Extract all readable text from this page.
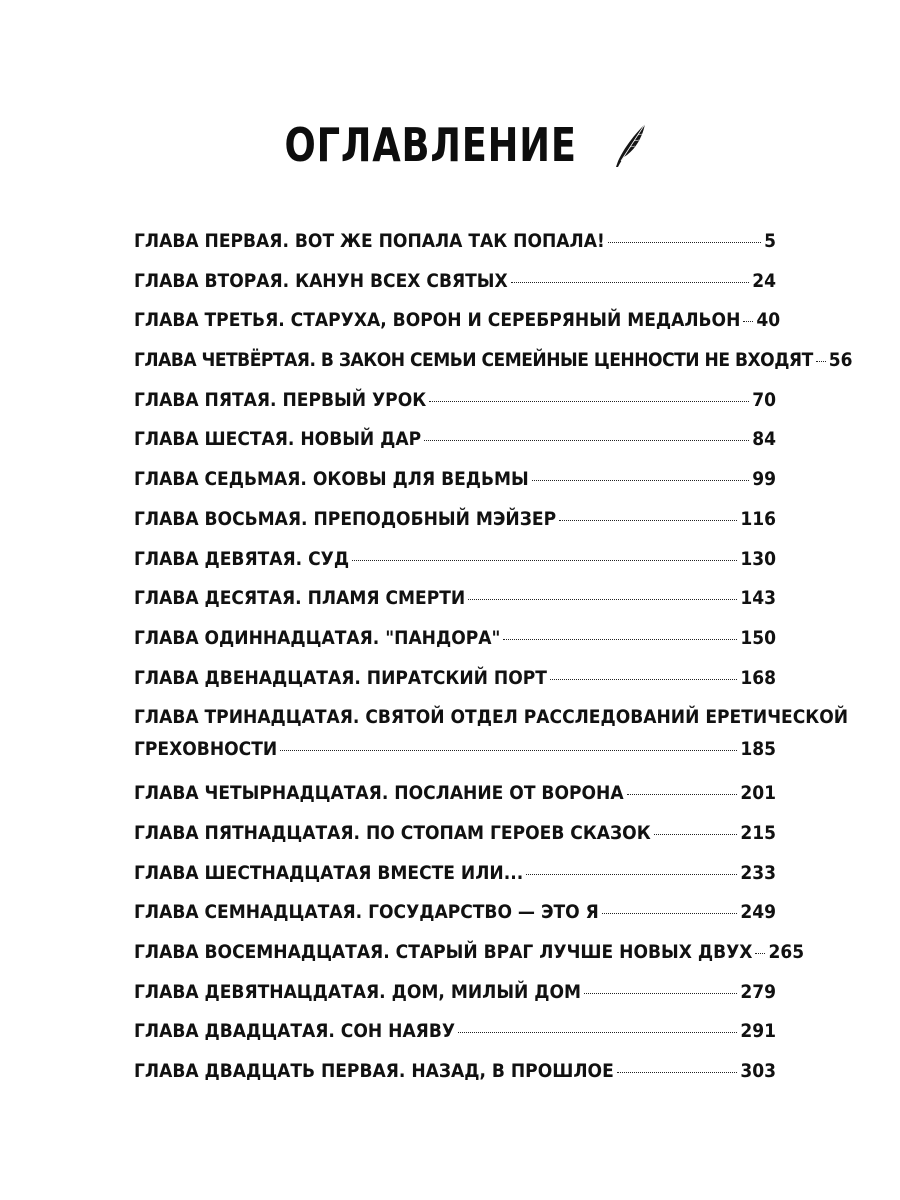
ОГЛАВЛЕНИЕ
ГЛАВА ПЕРВАЯ. ВОТ ЖЕ ПОПАЛА ТАК ПОПАЛА!	5
ГЛАВА ВТОРАЯ. КАНУН ВСЕХ СВЯТЫХ	24
ГЛАВА ТРЕТЬЯ. СТАРУХА, ВОРОН И СЕРЕБРЯНЫЙ МЕДАЛЬОН 40
ГЛАВА ЧЕТВЁРТАЯ. В ЗАКОН СЕМЬИ СЕМЕЙНЫЕ ЦЕННОСТИ НЕ ВХОДЯТ 56
ГЛАВА ПЯТАЯ. ПЕРВЫЙ УРОК	70
ГЛАВА ШЕСТАЯ. НОВЫЙ ДАР	84
ГЛАВА СЕДЬМАЯ. ОКОВЫ ДЛЯ ВЕДЬМЫ	99
ГЛАВА ВОСЬМАЯ. ПРЕПОДОБНЫЙ МЭЙЗЕР	116
ГЛАВА ДЕВЯТАЯ. СУД	130
ГЛАВА ДЕСЯТАЯ. ПЛАМЯ СМЕРТИ	143
ГЛАВА ОДИННАДЦАТАЯ. "ПАНДОРА"	150
ГЛАВА ДВЕНАДЦАТАЯ. ПИРАТСКИЙ ПОРТ	168
ГЛАВА ТРИНАДЦАТАЯ. СВЯТОЙ ОТДЕЛ РАССЛЕДОВАНИЙ ЕРЕТИЧЕСКОЙ
ГРЕХОВНОСТИ	185
ГЛАВА ЧЕТЫРНАДЦАТАЯ. ПОСЛАНИЕ ОТ ВОРОНА	201
ГЛАВА ПЯТНАДЦАТАЯ. ПО СТОПАМ ГЕРОЕВ СКАЗОК	215
ГЛАВА ШЕСТНАДЦАТАЯ ВМЕСТЕ ИЛИ...	233
ГЛАВА СЕМНАДЦАТАЯ. ГОСУДАРСТВО — ЭТО Я	249
ГЛАВА ВОСЕМНАДЦАТАЯ. СТАРЫЙ ВРАГ ЛУЧШЕ НОВЫХ ДВУХ 265
ГЛАВА ДЕВЯТНАЦДАТАЯ. ДОМ, МИЛЫЙ ДОМ	279
ГЛАВА ДВАДЦАТАЯ. СОН НАЯВУ	291
ГЛАВА ДВАДЦАТЬ ПЕРВАЯ. НАЗАД, В ПРОШЛОЕ	303
